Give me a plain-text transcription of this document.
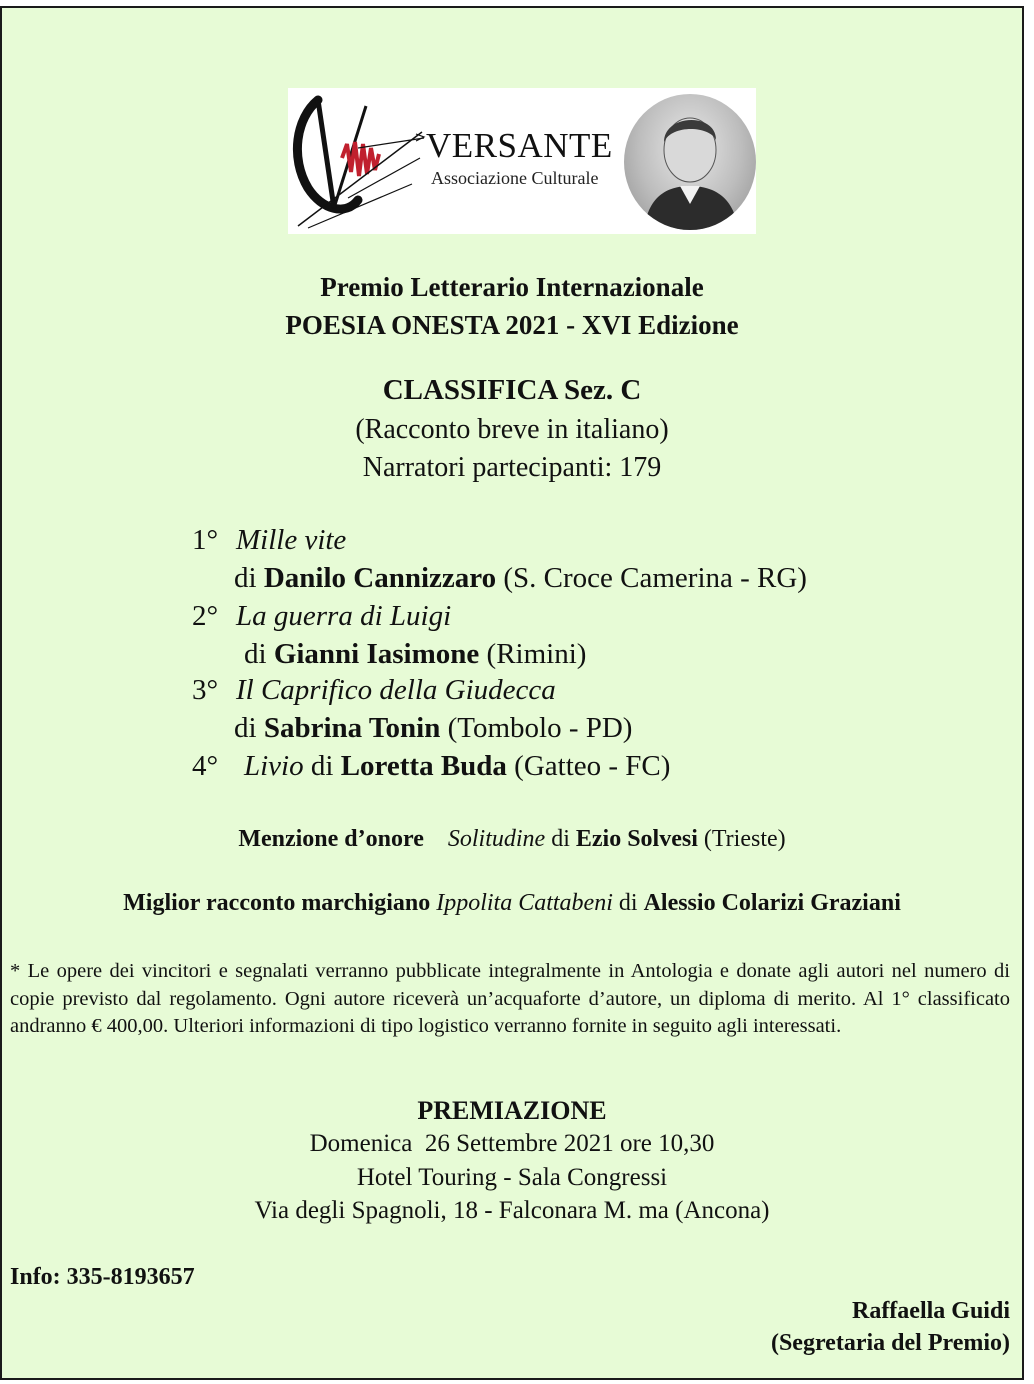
VERSANTE
Associazione Culturale
Premio Letterario Internazionale
POESIA ONESTA 2021 - XVI Edizione
CLASSIFICA Sez. C
(Racconto breve in italiano)
Narratori partecipanti: 179
1° Mille vite
di Danilo Cannizzaro (S. Croce Camerina - RG)
2° La guerra di Luigi
di Gianni Iasimone (Rimini)
3° Il Caprifico della Giudecca
di Sabrina Tonin (Tombolo - PD)
4° Livio di Loretta Buda (Gatteo - FC)
Menzione d’onore Solitudine di Ezio Solvesi (Trieste)
Miglior racconto marchigiano Ippolita Cattabeni di Alessio Colarizi Graziani
* Le opere dei vincitori e segnalati verranno pubblicate integralmente in Antologia e donate agli autori nel numero di copie previsto dal regolamento. Ogni autore riceverà un’acquaforte d’autore, un diploma di merito. Al 1° classificato andranno € 400,00. Ulteriori informazioni di tipo logistico verranno fornite in seguito agli interessati.
PREMIAZIONE
Domenica  26 Settembre 2021 ore 10,30
Hotel Touring - Sala Congressi
Via degli Spagnoli, 18 - Falconara M. ma (Ancona)
Info: 335-8193657
Raffaella Guidi
(Segretaria del Premio)
